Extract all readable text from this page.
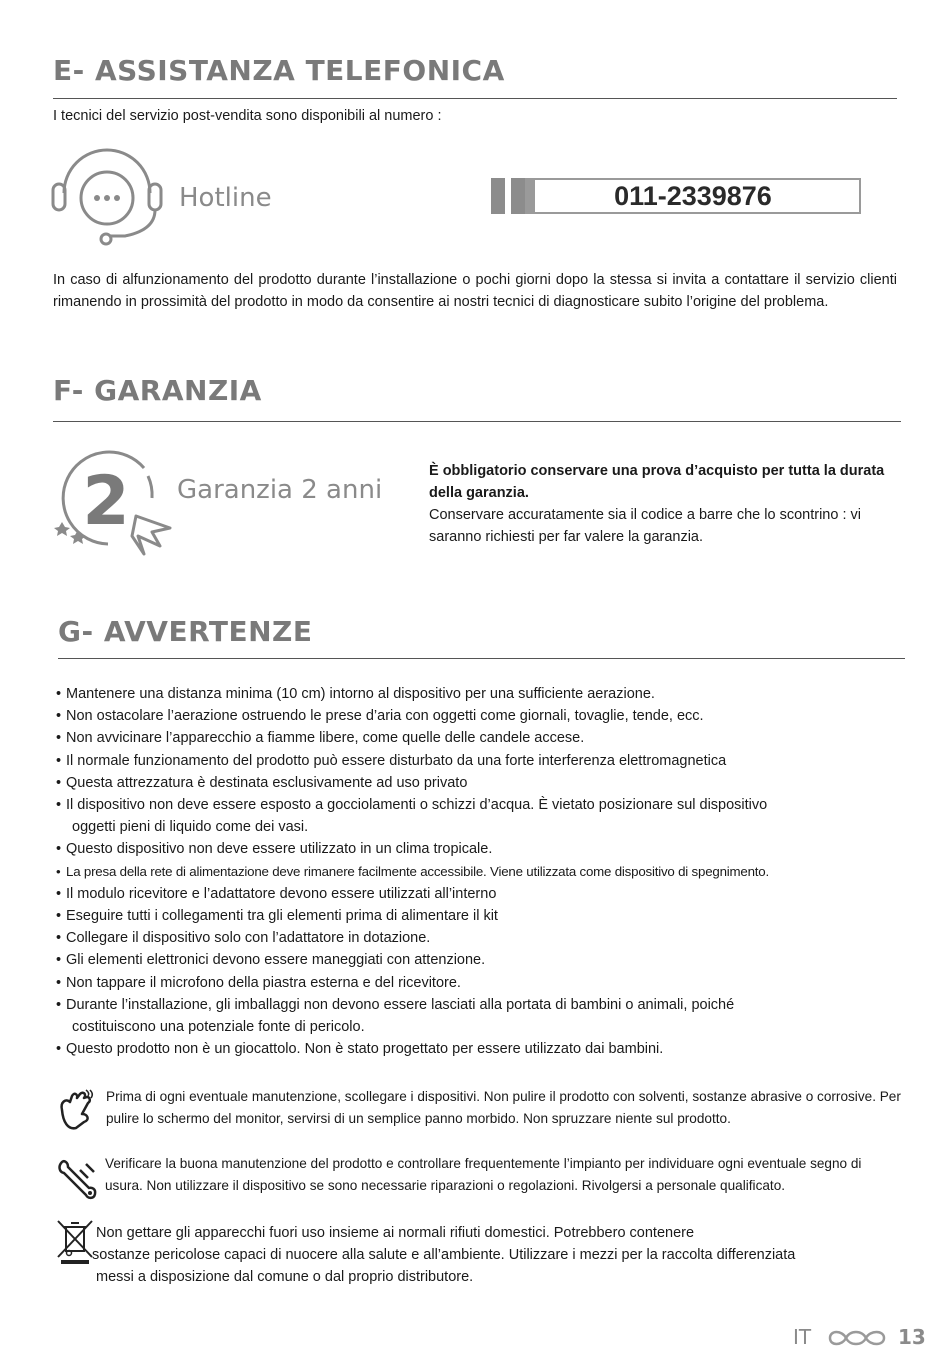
E- ASSISTANZA TELEFONICA
I tecnici del servizio post-vendita sono disponibili al numero :
Hotline	011-2339876
In caso di alfunzionamento del prodotto durante l’installazione o pochi giorni dopo la stessa si invita a contattare il servizio clienti rimanendo in prossimità del prodotto in modo da consentire ai nostri tecnici di diagnosticare subito l’origine del problema.
F- GARANZIA
2 Garanzia 2 anni
È obbligatorio conservare una prova d’acquisto per tutta la durata della garanzia.
Conservare accuratamente sia il codice a barre che lo scontrino : vi saranno richiesti per far valere la garanzia.
G- AVVERTENZE
• Mantenere una distanza minima (10 cm) intorno al dispositivo per una sufficiente aerazione.
• Non ostacolare l’aerazione ostruendo le prese d’aria con oggetti come giornali, tovaglie, tende, ecc.
• Non avvicinare l’apparecchio a fiamme libere, come quelle delle candele accese.
• Il normale funzionamento del prodotto può essere disturbato da una forte interferenza elettromagnetica
• Questa attrezzatura è destinata esclusivamente ad uso privato
• Il dispositivo non deve essere esposto a gocciolamenti o schizzi d’acqua. È vietato posizionare sul dispositivo
oggetti pieni di liquido come dei vasi.
• Questo dispositivo non deve essere utilizzato in un clima tropicale.
• La presa della rete di alimentazione deve rimanere facilmente accessibile. Viene utilizzata come dispositivo di spegnimento.
• Il modulo ricevitore e l’adattatore devono essere utilizzati all’interno
• Eseguire tutti i collegamenti tra gli elementi prima di alimentare il kit
• Collegare il dispositivo solo con l’adattatore in dotazione.
• Gli elementi elettronici devono essere maneggiati con attenzione.
• Non tappare il microfono della piastra esterna e del ricevitore.
• Durante l’installazione, gli imballaggi non devono essere lasciati alla portata di bambini o animali, poiché
costituiscono una potenziale fonte di pericolo.
• Questo prodotto non è un giocattolo. Non è stato progettato per essere utilizzato dai bambini.
Prima di ogni eventuale manutenzione, scollegare i dispositivi. Non pulire il prodotto con solventi, sostanze abrasive o corrosive. Per pulire lo schermo del monitor, servirsi di un semplice panno morbido. Non spruzzare niente sul prodotto.
Verificare la buona manutenzione del prodotto e controllare frequentemente l’impianto per individuare ogni eventuale segno di usura. Non utilizzare il dispositivo se sono necessarie riparazioni o regolazioni. Rivolgersi a personale qualificato.
Non gettare gli apparecchi fuori uso insieme ai normali rifiuti domestici. Potrebbero contenere
sostanze pericolose capaci di nuocere alla salute e all’ambiente. Utilizzare i mezzi per la raccolta differenziata
messi a disposizione dal comune o dal proprio distributore.
IT	13
